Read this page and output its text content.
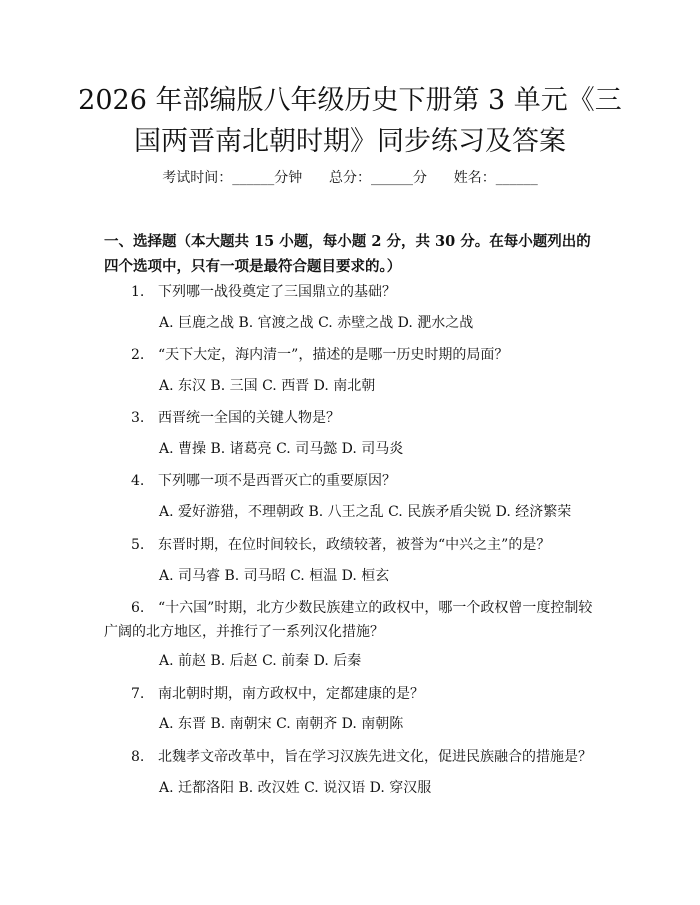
2026 年部编版八年级历史下册第 3 单元《三
国两晋南北朝时期》同步练习及答案
考试时间：______分钟      总分：______分      姓名：______

一、选择题（本大题共 15 小题，每小题 2 分，共 30 分。在每小题列出的四个选项中，只有一项是最符合题目要求的。）

1. 下列哪一战役奠定了三国鼎立的基础？
A. 巨鹿之战 B. 官渡之战 C. 赤壁之战 D. 淝水之战
2. “天下大定，海内清一”，描述的是哪一历史时期的局面？
A. 东汉 B. 三国 C. 西晋 D. 南北朝
3. 西晋统一全国的关键人物是？
A. 曹操 B. 诸葛亮 C. 司马懿 D. 司马炎
4. 下列哪一项不是西晋灭亡的重要原因？
A. 爱好游猎，不理朝政 B. 八王之乱 C. 民族矛盾尖锐 D. 经济繁荣
5. 东晋时期，在位时间较长，政绩较著，被誉为“中兴之主”的是？
A. 司马睿 B. 司马昭 C. 桓温 D. 桓玄
6. “十六国”时期，北方少数民族建立的政权中，哪一个政权曾一度控制较广阔的北方地区，并推行了一系列汉化措施？
A. 前赵 B. 后赵 C. 前秦 D. 后秦
7. 南北朝时期，南方政权中，定都建康的是？
A. 东晋 B. 南朝宋 C. 南朝齐 D. 南朝陈
8. 北魏孝文帝改革中，旨在学习汉族先进文化，促进民族融合的措施是？
A. 迁都洛阳 B. 改汉姓 C. 说汉语 D. 穿汉服
